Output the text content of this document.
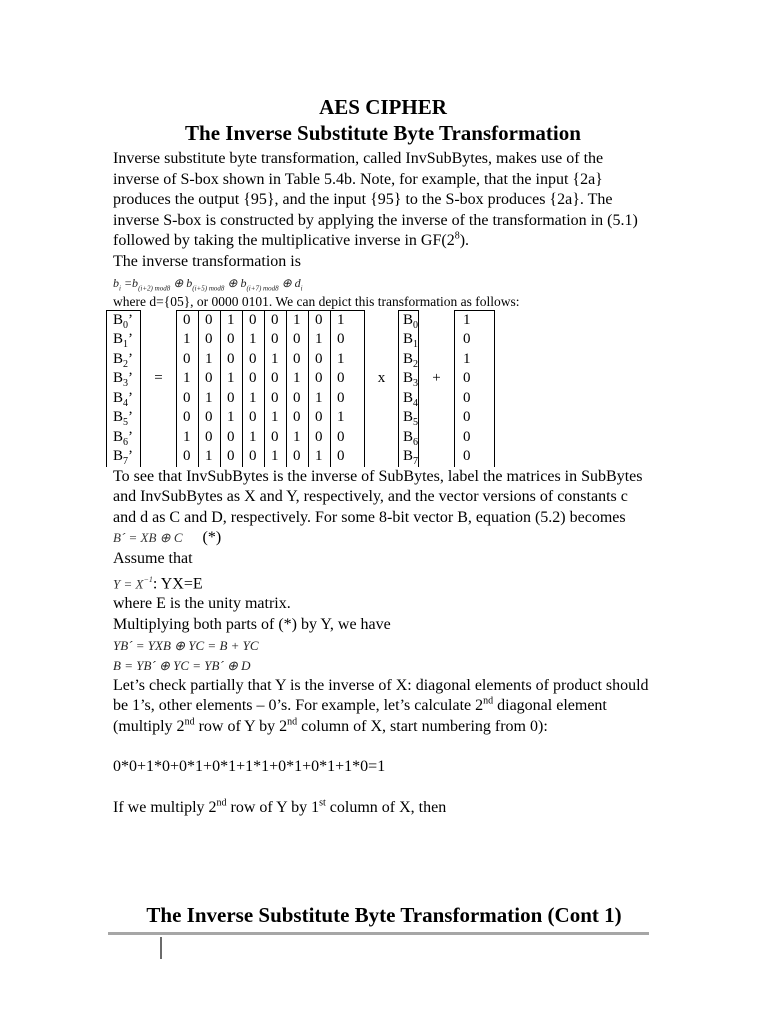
AES CIPHER

The Inverse Substitute Byte Transformation

Inverse substitute byte transformation, called InvSubBytes, makes use of the inverse of S-box shown in Table 5.4b. Note, for example, that the input {2a} produces the output {95}, and the input {95} to the S-box produces {2a}. The inverse S-box is constructed by applying the inverse of the transformation in (5.1) followed by taking the multiplicative inverse in $GF(2^8)$.

The inverse transformation is

$b_i =b_{(i+2) mod8}$ ⊕ $b_{(i+5) mod8}$ ⊕ $b_{(i+7) mod8}$ ⊕ $d_i$

where d={05}, or 0000 0101. We can depict this transformation as follows:

$B_0$’		0	0	1	0	0	1	0	1		$B_0$		1
$B_1$’		1	0	0	1	0	0	1	0		$B_1$		0
$B_2$’		0	1	0	0	1	0	0	1		$B_2$		1
$B_3$’	=	1	0	1	0	0	1	0	0	x	$B_3$	+	0
$B_4$’		0	1	0	1	0	0	1	0		$B_4$		0
$B_5$’		0	0	1	0	1	0	0	1		$B_5$		0
$B_6$’		1	0	0	1	0	1	0	0		$B_6$		0
$B_7$’		0	1	0	0	1	0	1	0		$B_7$		0

To see that InvSubBytes is the inverse of SubBytes, label the matrices in SubBytes and InvSubBytes as X and Y, respectively, and the vector versions of constants c and d as C and D, respectively. For some 8-bit vector B, equation (5.2) becomes

B´ = XB ⊕ C (*)

Assume that

$Y = X^{-1}$: YX=E

where E is the unity matrix.

Multiplying both parts of (*) by Y, we have

YB´ = YXB ⊕ YC = B + YC
B = YB´ ⊕ YC = YB´ ⊕ D

Let’s check partially that Y is the inverse of X: diagonal elements of product should be 1’s, other elements – 0’s. For example, let’s calculate 2nd diagonal element (multiply 2nd row of Y by 2nd column of X, start numbering from 0):

0*0+1*0+0*1+0*1+1*1+0*1+0*1+1*0=1

If we multiply 2nd row of Y by 1st column of X, then

The Inverse Substitute Byte Transformation (Cont 1)
